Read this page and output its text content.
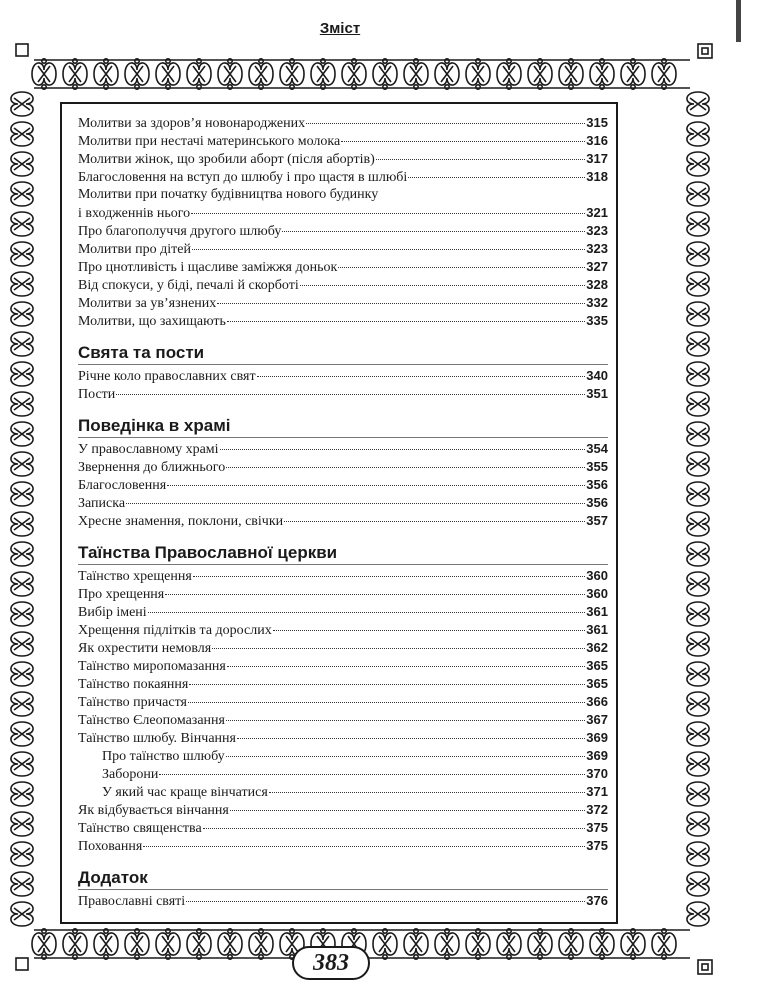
Зміст
Молитви за здоров’я новонароджених	315
Молитви при нестачі материнського молока	316
Молитви жінок, що зробили аборт (після абортів)	317
Благословення на вступ до шлюбу і про щастя в шлюбі	318
Молитви при початку будівництва нового будинку
і входженнів нього	321
Про благополуччя другого шлюбу	323
Молитви про дітей	323
Про цнотливість і щасливе заміжжя доньок	327
Від спокуси, у біді, печалі й скорботі	328
Молитви за ув’язнених	332
Молитви, що захищають	335
Свята та пости
Річне коло православних свят	340
Пости	351
Поведінка в храмі
У православному храмі	354
Звернення до ближнього	355
Благословення	356
Записка	356
Хресне знамення, поклони, свічки	357
Таїнства Православної церкви
Таїнство хрещення	360
Про хрещення	360
Вибір імені	361
Хрещення підлітків та дорослих	361
Як охрестити немовля	362
Таїнство миропомазання	365
Таїнство покаяння	365
Таїнство причастя	366
Таїнство Єлеопомазання	367
Таїнство шлюбу. Вінчання	369
Про таїнство шлюбу	369
Заборони	370
У який час краще вінчатися	371
Як відбувається вінчання	372
Таїнство священства	375
Поховання	375
Додаток
Православні святі	376
383
